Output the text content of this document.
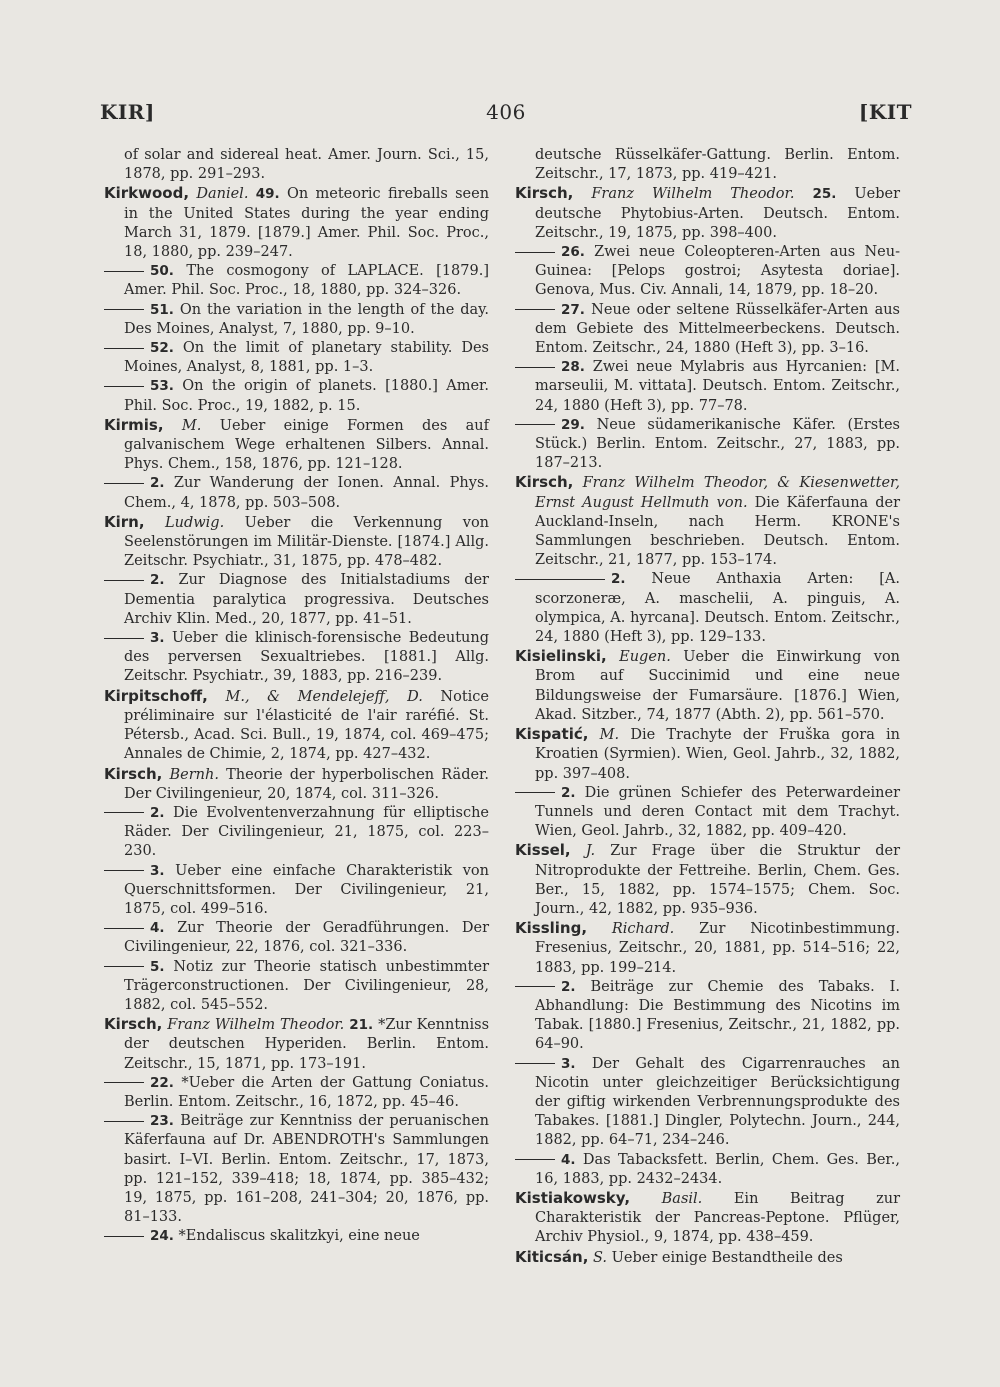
KIR]	406	[KIT
of solar and sidereal heat. Amer. Journ. Sci., 15, 1878, pp. 291–293.
Kirkwood, Daniel. 49. On meteoric fireballs seen in the United States during the year ending March 31, 1879. [1879.] Amer. Phil. Soc. Proc., 18, 1880, pp. 239–247.
50. The cosmogony of LAPLACE. [1879.] Amer. Phil. Soc. Proc., 18, 1880, pp. 324–326.
51. On the variation in the length of the day. Des Moines, Analyst, 7, 1880, pp. 9–10.
52. On the limit of planetary stability. Des Moines, Analyst, 8, 1881, pp. 1–3.
53. On the origin of planets. [1880.] Amer. Phil. Soc. Proc., 19, 1882, p. 15.
Kirmis, M. Ueber einige Formen des auf galvanischem Wege erhaltenen Silbers. Annal. Phys. Chem., 158, 1876, pp. 121–128.
2. Zur Wanderung der Ionen. Annal. Phys. Chem., 4, 1878, pp. 503–508.
Kirn, Ludwig. Ueber die Verkennung von Seelenstörungen im Militär-Dienste. [1874.] Allg. Zeitschr. Psychiatr., 31, 1875, pp. 478–482.
2. Zur Diagnose des Initialstadiums der Dementia paralytica progressiva. Deutsches Archiv Klin. Med., 20, 1877, pp. 41–51.
3. Ueber die klinisch-forensische Bedeutung des perversen Sexualtriebes. [1881.] Allg. Zeitschr. Psychiatr., 39, 1883, pp. 216–239.
Kirpitschoff, M., & Mendelejeff, D. Notice préliminaire sur l'élasticité de l'air raréfié. St. Pétersb., Acad. Sci. Bull., 19, 1874, col. 469–475; Annales de Chimie, 2, 1874, pp. 427–432.
Kirsch, Bernh. Theorie der hyperbolischen Räder. Der Civilingenieur, 20, 1874, col. 311–326.
2. Die Evolventenverzahnung für elliptische Räder. Der Civilingenieur, 21, 1875, col. 223–230.
3. Ueber eine einfache Charakteristik von Querschnittsformen. Der Civilingenieur, 21, 1875, col. 499–516.
4. Zur Theorie der Geradführungen. Der Civilingenieur, 22, 1876, col. 321–336.
5. Notiz zur Theorie statisch unbestimmter Trägerconstructionen. Der Civilingenieur, 28, 1882, col. 545–552.
Kirsch, Franz Wilhelm Theodor. 21. *Zur Kenntniss der deutschen Hyperiden. Berlin. Entom. Zeitschr., 15, 1871, pp. 173–191.
22. *Ueber die Arten der Gattung Coniatus. Berlin. Entom. Zeitschr., 16, 1872, pp. 45–46.
23. Beiträge zur Kenntniss der peruanischen Käferfauna auf Dr. ABENDROTH's Sammlungen basirt. I–VI. Berlin. Entom. Zeitschr., 17, 1873, pp. 121–152, 339–418; 18, 1874, pp. 385–432; 19, 1875, pp. 161–208, 241–304; 20, 1876, pp. 81–133.
24. *Endaliscus skalitzkyi, eine neue
deutsche Rüsselkäfer-Gattung. Berlin. Entom. Zeitschr., 17, 1873, pp. 419–421.
Kirsch, Franz Wilhelm Theodor. 25. Ueber deutsche Phytobius-Arten. Deutsch. Entom. Zeitschr., 19, 1875, pp. 398–400.
26. Zwei neue Coleopteren-Arten aus Neu-Guinea: [Pelops gostroi; Asytesta doriae]. Genova, Mus. Civ. Annali, 14, 1879, pp. 18–20.
27. Neue oder seltene Rüsselkäfer-Arten aus dem Gebiete des Mittelmeerbeckens. Deutsch. Entom. Zeitschr., 24, 1880 (Heft 3), pp. 3–16.
28. Zwei neue Mylabris aus Hyrcanien: [M. marseulii, M. vittata]. Deutsch. Entom. Zeitschr., 24, 1880 (Heft 3), pp. 77–78.
29. Neue südamerikanische Käfer. (Erstes Stück.) Berlin. Entom. Zeitschr., 27, 1883, pp. 187–213.
Kirsch, Franz Wilhelm Theodor, & Kiesenwetter, Ernst August Hellmuth von. Die Käferfauna der Auckland-Inseln, nach Herm. KRONE's Sammlungen beschrieben. Deutsch. Entom. Zeitschr., 21, 1877, pp. 153–174.
2. Neue Anthaxia Arten: [A. scorzoneræ, A. maschelii, A. pinguis, A. olympica, A. hyrcana]. Deutsch. Entom. Zeitschr., 24, 1880 (Heft 3), pp. 129–133.
Kisielinski, Eugen. Ueber die Einwirkung von Brom auf Succinimid und eine neue Bildungsweise der Fumarsäure. [1876.] Wien, Akad. Sitzber., 74, 1877 (Abth. 2), pp. 561–570.
Kispatić, M. Die Trachyte der Fruška gora in Kroatien (Syrmien). Wien, Geol. Jahrb., 32, 1882, pp. 397–408.
2. Die grünen Schiefer des Peterwardeiner Tunnels und deren Contact mit dem Trachyt. Wien, Geol. Jahrb., 32, 1882, pp. 409–420.
Kissel, J. Zur Frage über die Struktur der Nitroprodukte der Fettreihe. Berlin, Chem. Ges. Ber., 15, 1882, pp. 1574–1575; Chem. Soc. Journ., 42, 1882, pp. 935–936.
Kissling, Richard. Zur Nicotinbestimmung. Fresenius, Zeitschr., 20, 1881, pp. 514–516; 22, 1883, pp. 199–214.
2. Beiträge zur Chemie des Tabaks. I. Abhandlung: Die Bestimmung des Nicotins im Tabak. [1880.] Fresenius, Zeitschr., 21, 1882, pp. 64–90.
3. Der Gehalt des Cigarrenrauches an Nicotin unter gleichzeitiger Berücksichtigung der giftig wirkenden Verbrennungsprodukte des Tabakes. [1881.] Dingler, Polytechn. Journ., 244, 1882, pp. 64–71, 234–246.
4. Das Tabacksfett. Berlin, Chem. Ges. Ber., 16, 1883, pp. 2432–2434.
Kistiakowsky, Basil. Ein Beitrag zur Charakteristik der Pancreas-Peptone. Pflüger, Archiv Physiol., 9, 1874, pp. 438–459.
Kiticsán, S. Ueber einige Bestandtheile des
